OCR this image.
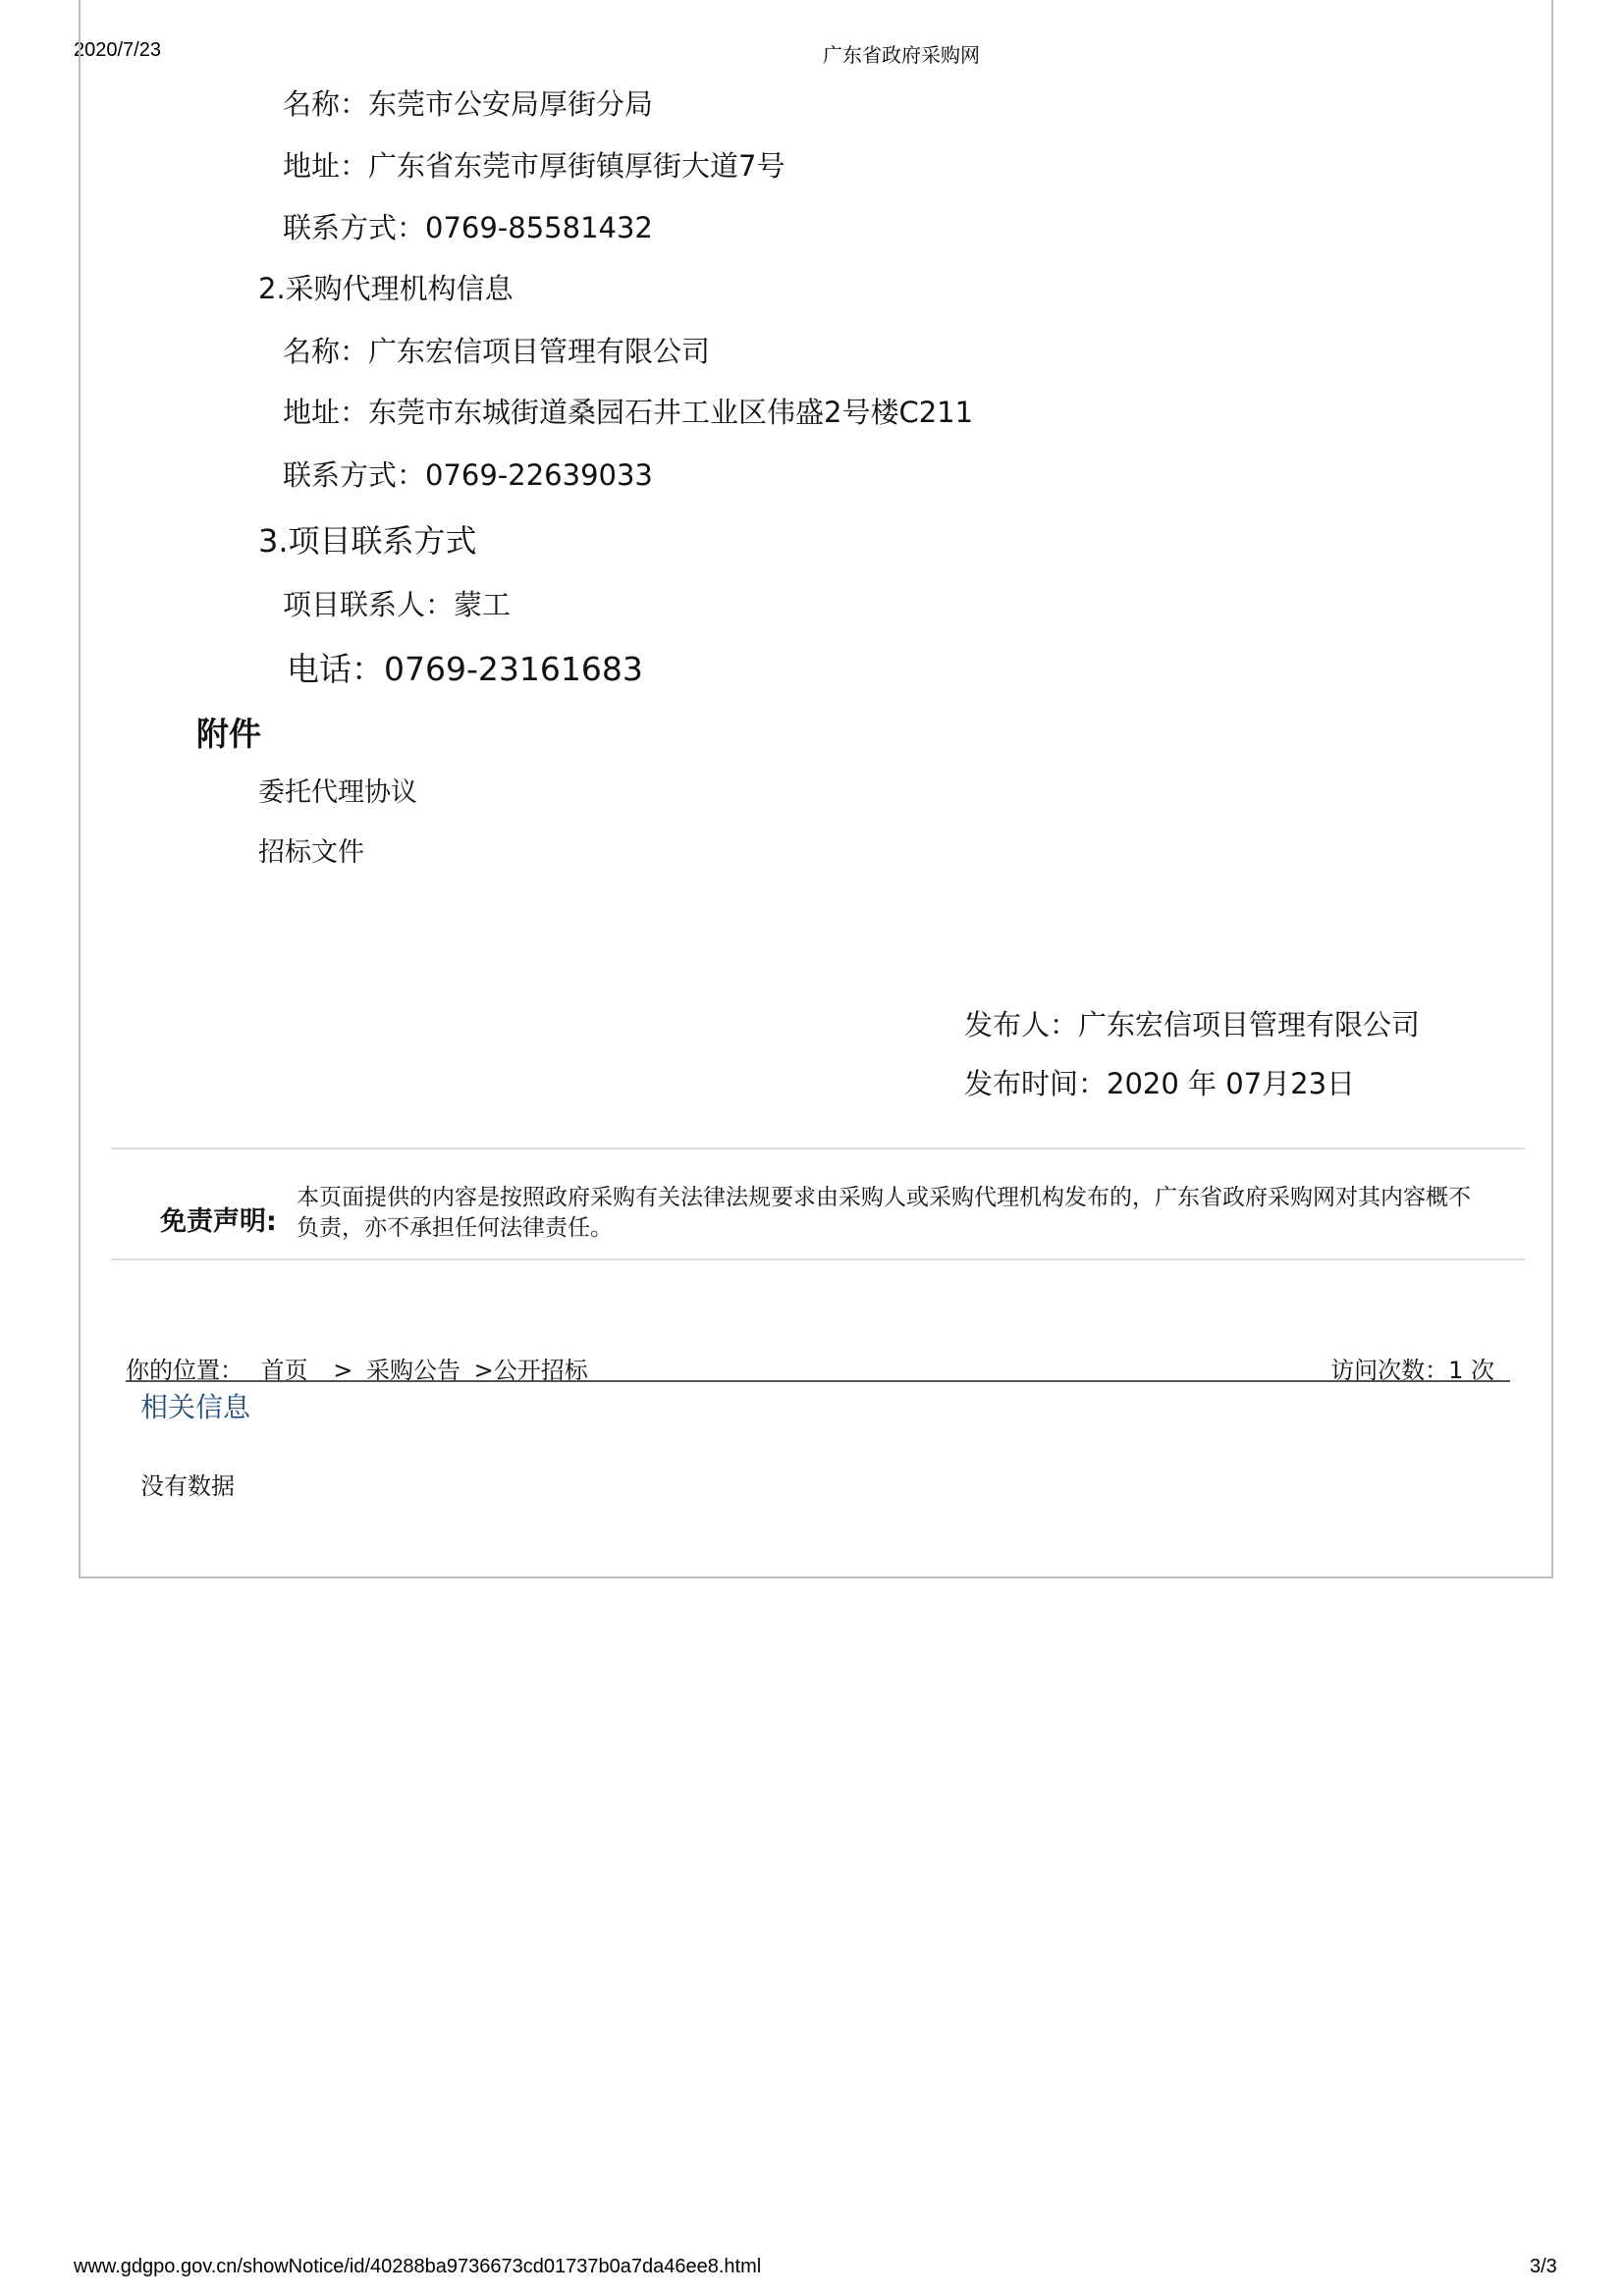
2020/7/23	广东省政府采购网
名称：东莞市公安局厚街分局
地址：广东省东莞市厚街镇厚街大道7号
联系方式：0769-85581432
2.采购代理机构信息
名称：广东宏信项目管理有限公司
地址：东莞市东城街道桑园石井工业区伟盛2号楼C211
联系方式：0769-22639033
3.项目联系方式
项目联系人：蒙工
电话：0769-23161683
附件
委托代理协议
招标文件
发布人：广东宏信项目管理有限公司
发布时间：2020 年 07月23日
免责声明:
本页面提供的内容是按照政府采购有关法律法规要求由采购人或采购代理机构发布的，广东省政府采购网对其内容概不负责，亦不承担任何法律责任。
你的位置： 首页 > 采购公告 >公开招标	访问次数：1 次
相关信息
没有数据
www.gdgpo.gov.cn/showNotice/id/40288ba9736673cd01737b0a7da46ee8.html	3/3
